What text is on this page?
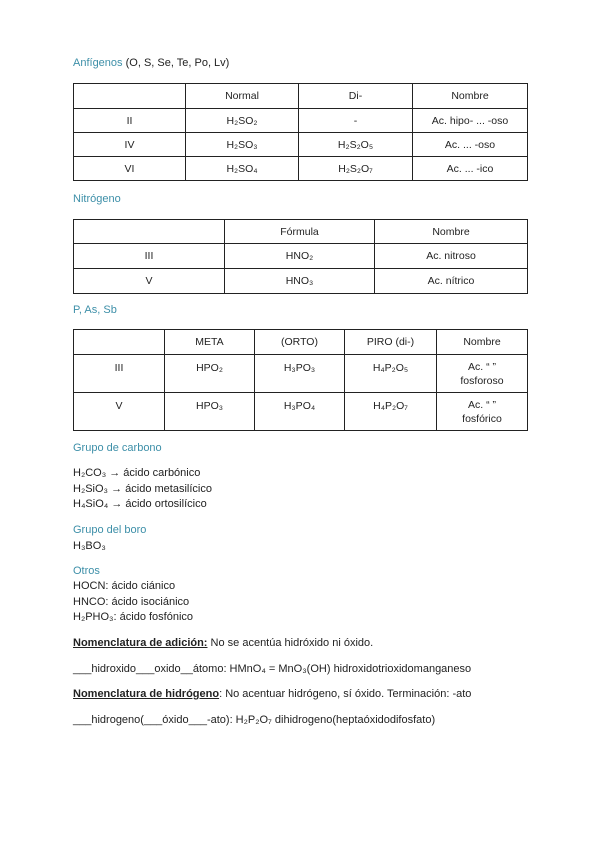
Anfígenos (O, S, Se, Te, Po, Lv)
	Normal	Di-	Nombre
II	H₂SO₂	-	Ac. hipo- ... -oso
IV	H₂SO₃	H₂S₂O₅	Ac. ... -oso
VI	H₂SO₄	H₂S₂O₇	Ac. ... -ico
Nitrógeno
	Fórmula	Nombre
III	HNO₂	Ac. nitroso
V	HNO₃	Ac. nítrico
P, As, Sb
	META	(ORTO)	PIRO (di-)	Nombre
III	HPO₂	H₃PO₃	H₄P₂O₅	Ac. “ ”
fosforoso

V	HPO₃	H₃PO₄	H₄P₂O₇	Ac. “ ”
fosfórico
Grupo de carbono
H₂CO₃ → ácido carbónico
H₂SiO₃ → ácido metasilícico
H₄SiO₄ → ácido ortosilícico
Grupo del boro
H₃BO₃
Otros
HOCN: ácido ciánico
HNCO: ácido isociánico
H₂PHO₃: ácido fosfónico
Nomenclatura de adición: No se acentúa hidróxido ni óxido.
___hidroxido___oxido__átomo: HMnO₄ = MnO₃(OH) hidroxidotrioxidomanganeso
Nomenclatura de hidrógeno: No acentuar hidrógeno, sí óxido. Terminación: -ato
___hidrogeno(___óxido___-ato): H₂P₂O₇ dihidrogeno(heptaóxidodifosfato)
